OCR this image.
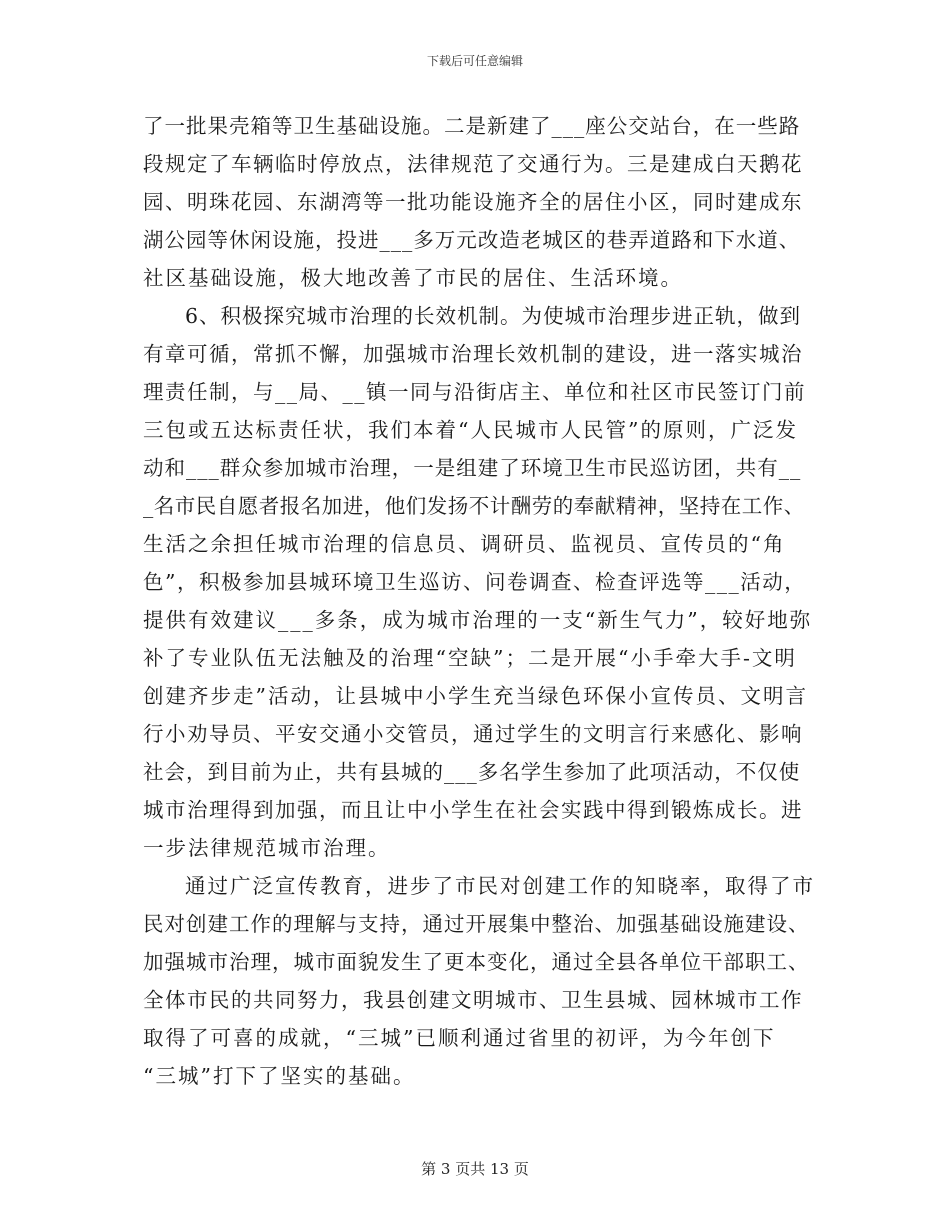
下载后可任意编辑
了一批果壳箱等卫生基础设施。二是新建了___座公交站台，在一些路
段规定了车辆临时停放点，法律规范了交通行为。三是建成白天鹅花
园、明珠花园、东湖湾等一批功能设施齐全的居住小区，同时建成东
湖公园等休闲设施，投进___多万元改造老城区的巷弄道路和下水道、
社区基础设施，极大地改善了市民的居住、生活环境。
6、积极探究城市治理的长效机制。为使城市治理步进正轨，做到
有章可循，常抓不懈，加强城市治理长效机制的建设，进一落实城治
理责任制，与__局、__镇一同与沿街店主、单位和社区市民签订门前
三包或五达标责任状，我们本着“人民城市人民管”的原则，广泛发
动和___群众参加城市治理，一是组建了环境卫生市民巡访团，共有__
_名市民自愿者报名加进，他们发扬不计酬劳的奉献精神，坚持在工作、
生活之余担任城市治理的信息员、调研员、监视员、宣传员的“角
色”，积极参加县城环境卫生巡访、问卷调查、检查评选等___活动，
提供有效建议___多条，成为城市治理的一支“新生气力”，较好地弥
补了专业队伍无法触及的治理“空缺”；二是开展“小手牵大手-文明
创建齐步走”活动，让县城中小学生充当绿色环保小宣传员、文明言
行小劝导员、平安交通小交管员，通过学生的文明言行来感化、影响
社会，到目前为止，共有县城的___多名学生参加了此项活动，不仅使
城市治理得到加强，而且让中小学生在社会实践中得到锻炼成长。进
一步法律规范城市治理。
通过广泛宣传教育，进步了市民对创建工作的知晓率，取得了市
民对创建工作的理解与支持，通过开展集中整治、加强基础设施建设、
加强城市治理，城市面貌发生了更本变化，通过全县各单位干部职工、
全体市民的共同努力，我县创建文明城市、卫生县城、园林城市工作
取得了可喜的成就，“三城”已顺利通过省里的初评，为今年创下
“三城”打下了坚实的基础。
第 3 页共 13 页
